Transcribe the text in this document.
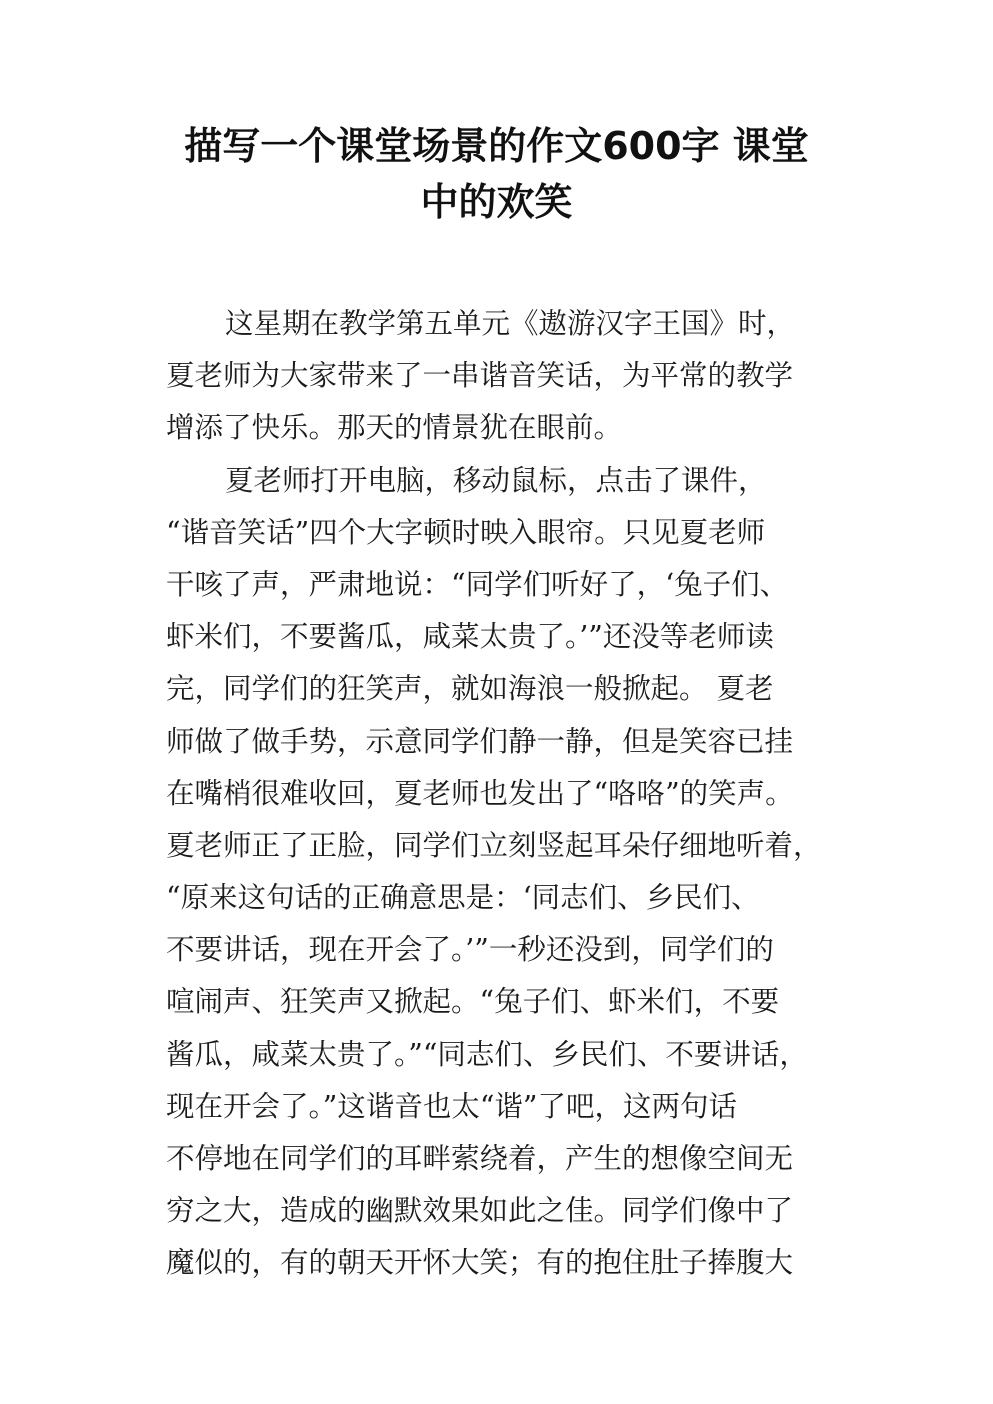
描写一个课堂场景的作文600字 课堂
中的欢笑
这星期在教学第五单元《遨游汉字王国》时，
夏老师为大家带来了一串谐音笑话，为平常的教学
增添了快乐。那天的情景犹在眼前。
夏老师打开电脑，移动鼠标，点击了课件，
“谐音笑话”四个大字顿时映入眼帘。只见夏老师
干咳了声，严肃地说：“同学们听好了，‘兔子们、
虾米们，不要酱瓜，咸菜太贵了。’”还没等老师读
完，同学们的狂笑声，就如海浪一般掀起。 夏老
师做了做手势，示意同学们静一静，但是笑容已挂
在嘴梢很难收回，夏老师也发出了“咯咯”的笑声。
夏老师正了正脸，同学们立刻竖起耳朵仔细地听着，
“原来这句话的正确意思是：‘同志们、乡民们、
不要讲话，现在开会了。’”一秒还没到，同学们的
喧闹声、狂笑声又掀起。“兔子们、虾米们，不要
酱瓜，咸菜太贵了。”“同志们、乡民们、不要讲话，
现在开会了。”这谐音也太“谐”了吧，这两句话
不停地在同学们的耳畔萦绕着，产生的想像空间无
穷之大，造成的幽默效果如此之佳。同学们像中了
魔似的，有的朝天开怀大笑；有的抱住肚子捧腹大
